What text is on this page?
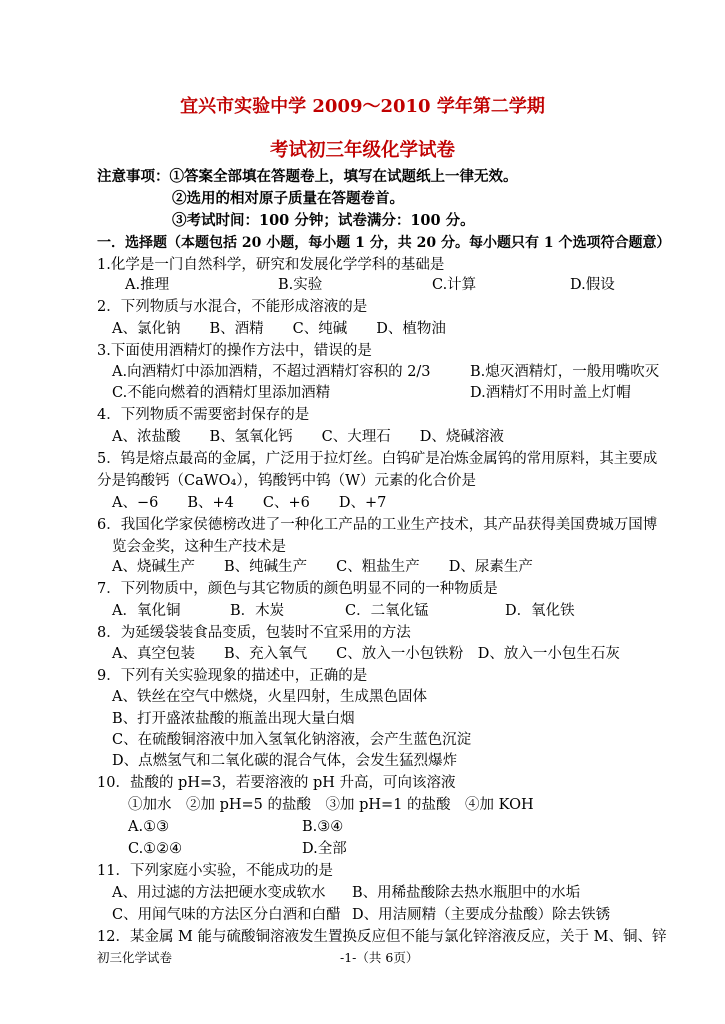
宜兴市实验中学 2009～2010 学年第二学期
考试初三年级化学试卷
注意事项：①答案全部填在答题卷上，填写在试题纸上一律无效。
②选用的相对原子质量在答题卷首。
③考试时间：100 分钟；试卷满分：100 分。
一．选择题（本题包括 20 小题，每小题 1 分，共 20 分。每小题只有 1 个选项符合题意）
1.化学是一门自然科学，研究和发展化学学科的基础是
A.推理	B.实验	C.计算	D.假设
2．下列物质与水混合，不能形成溶液的是
A、氯化钠　　B、酒精　　C、纯碱　　D、植物油
3.下面使用酒精灯的操作方法中，错误的是
A.向酒精灯中添加酒精，不超过酒精灯容积的 2/3	B.熄灭酒精灯，一般用嘴吹灭
C.不能向燃着的酒精灯里添加酒精	D.酒精灯不用时盖上灯帽
4．下列物质不需要密封保存的是
A、浓盐酸　　B、氢氧化钙　　C、大理石　　D、烧碱溶液
5．钨是熔点最高的金属，广泛用于拉灯丝。白钨矿是冶炼金属钨的常用原料，其主要成
分是钨酸钙（CaWO₄），钨酸钙中钨（W）元素的化合价是
A、−6　　B、+4　　C、+6　　D、+7
6．我国化学家侯德榜改进了一种化工产品的工业生产技术，其产品获得美国费城万国博
览会金奖，这种生产技术是
A、烧碱生产　　B、纯碱生产　　C、粗盐生产　　D、尿素生产
7．下列物质中，颜色与其它物质的颜色明显不同的一种物质是
A．氧化铜	B．木炭	C．二氧化锰	D．氧化铁
8．为延缓袋装食品变质，包装时不宜采用的方法
A、真空包装　　B、充入氧气　　C、放入一小包铁粉　D、放入一小包生石灰
9．下列有关实验现象的描述中，正确的是
A、铁丝在空气中燃烧，火星四射，生成黑色固体
B、打开盛浓盐酸的瓶盖出现大量白烟
C、在硫酸铜溶液中加入氢氧化钠溶液，会产生蓝色沉淀
D、点燃氢气和二氧化碳的混合气体，会发生猛烈爆炸
10．盐酸的 pH=3，若要溶液的 pH 升高，可向该溶液
①加水　②加 pH=5 的盐酸　③加 pH=1 的盐酸　④加 KOH
A.①③	B.③④
C.①②④	D.全部
11．下列家庭小实验，不能成功的是
A、用过滤的方法把硬水变成软水 B、用稀盐酸除去热水瓶胆中的水垢
C、用闻气味的方法区分白酒和白醋 D、用洁厕精（主要成分盐酸）除去铁锈
12．某金属 M 能与硫酸铜溶液发生置换反应但不能与氯化锌溶液反应，关于 M、铜、锌
初三化学试卷	-1-（共 6页）
